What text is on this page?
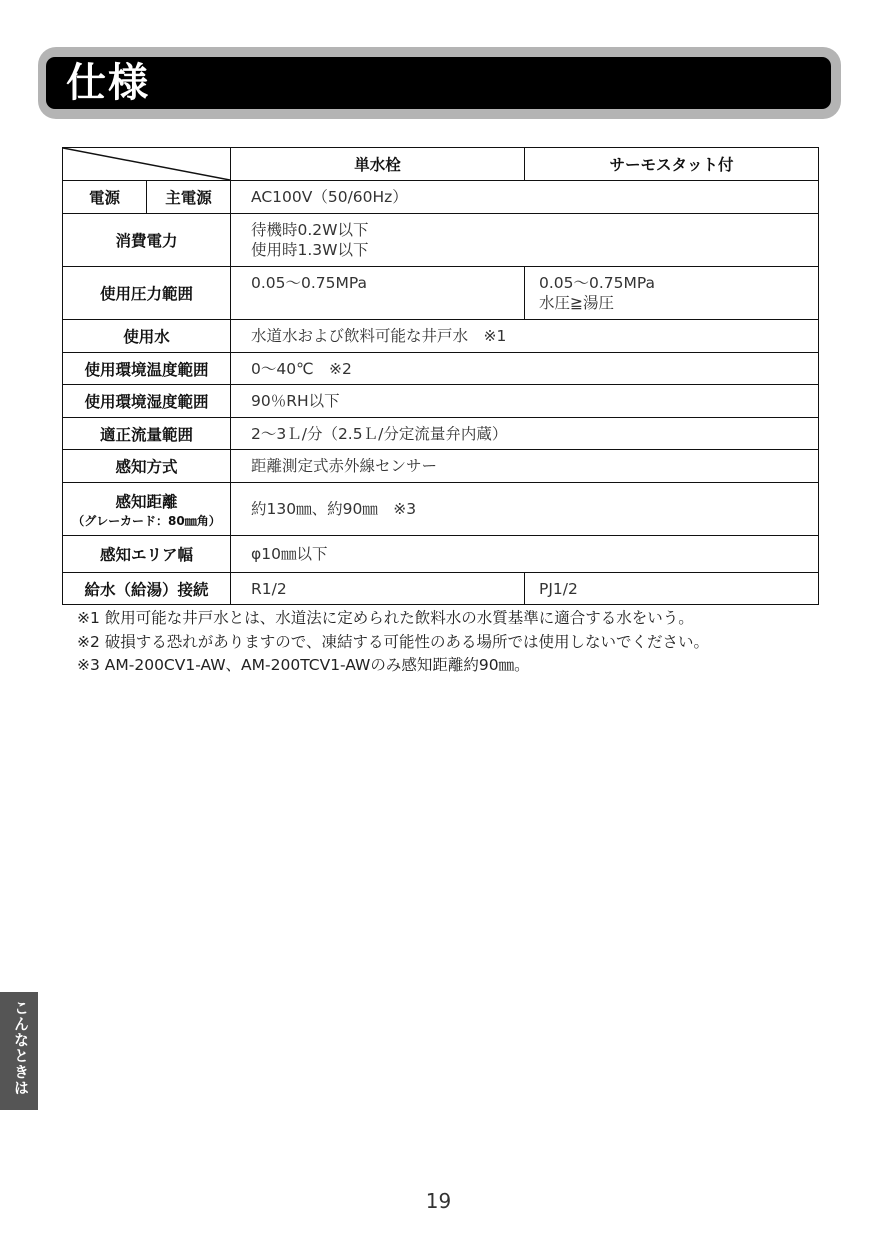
仕様
	単水栓	サーモスタット付
電源	主電源	AC100V（50/60Hz）	
消費電力		待機時0.2W以下
使用時1.3W以下	

使用圧力範囲		0.05〜0.75MPa	0.05〜0.75MPa
水圧≧湯圧

使用水		水道水および飲料可能な井戸水　※1	
使用環境温度範囲		0〜40℃　※2	
使用環境湿度範囲		90％RH以下	
適正流量範囲		2〜3Ｌ/分（2.5Ｌ/分定流量弁内蔵）	
感知方式		距離測定式赤外線センサー	

感知距離
（グレーカード：80㎜角）		約130㎜、約90㎜　※3	
感知エリア幅		φ10㎜以下	
給水（給湯）接続		R1/2	PJ1/2
※1 飲用可能な井戸水とは、水道法に定められた飲料水の水質基準に適合する水をいう。
※2 破損する恐れがありますので、凍結する可能性のある場所では使用しないでください。
※3 AM-200CV1-AW、AM-200TCV1-AWのみ感知距離約90㎜。
こんなときは
19
